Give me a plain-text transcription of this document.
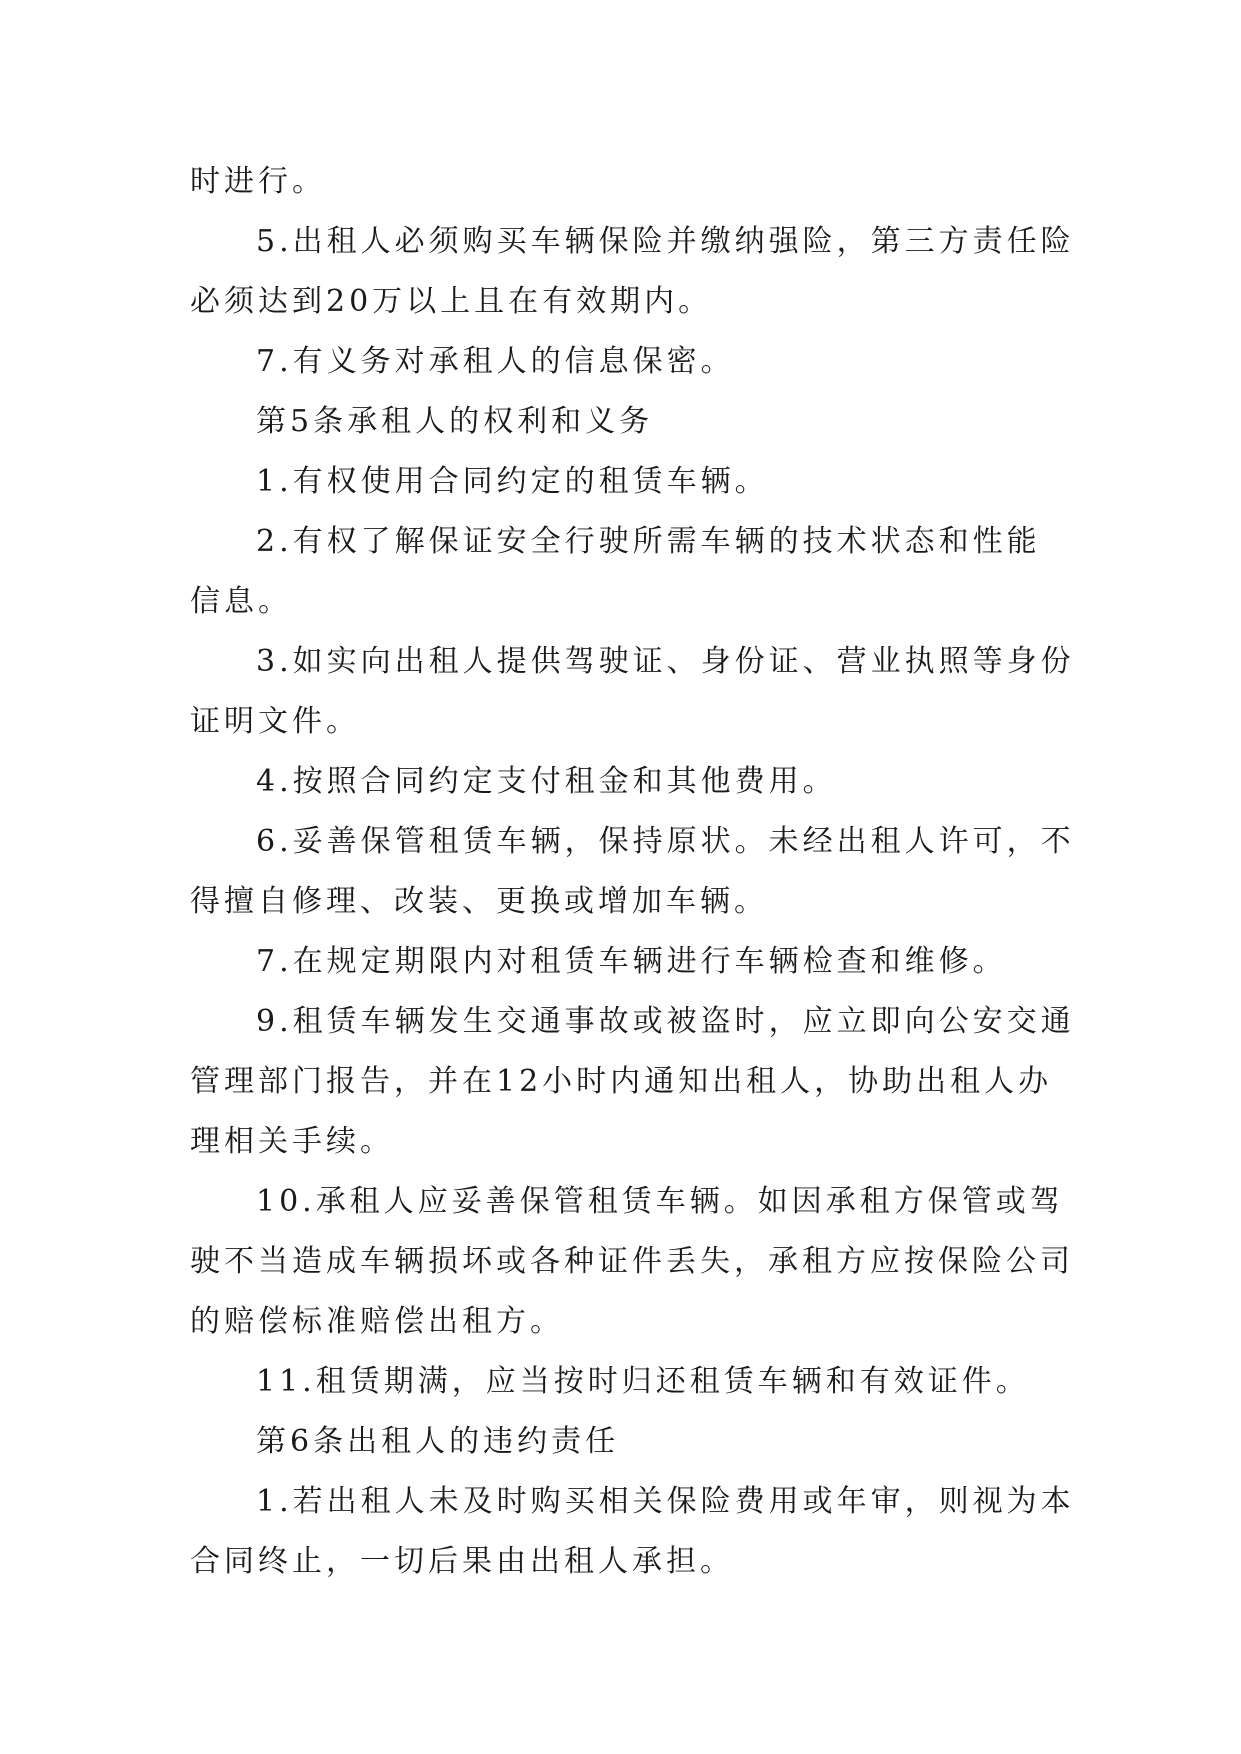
时进行。
5.出租人必须购买车辆保险并缴纳强险，第三方责任险
必须达到20万以上且在有效期内。
7.有义务对承租人的信息保密。
第5条承租人的权利和义务
1.有权使用合同约定的租赁车辆。
2.有权了解保证安全行驶所需车辆的技术状态和性能
信息。
3.如实向出租人提供驾驶证、身份证、营业执照等身份
证明文件。
4.按照合同约定支付租金和其他费用。
6.妥善保管租赁车辆，保持原状。未经出租人许可，不
得擅自修理、改装、更换或增加车辆。
7.在规定期限内对租赁车辆进行车辆检查和维修。
9.租赁车辆发生交通事故或被盗时，应立即向公安交通
管理部门报告，并在12小时内通知出租人，协助出租人办
理相关手续。
10.承租人应妥善保管租赁车辆。如因承租方保管或驾
驶不当造成车辆损坏或各种证件丢失，承租方应按保险公司
的赔偿标准赔偿出租方。
11.租赁期满，应当按时归还租赁车辆和有效证件。
第6条出租人的违约责任
1.若出租人未及时购买相关保险费用或年审，则视为本
合同终止，一切后果由出租人承担。
